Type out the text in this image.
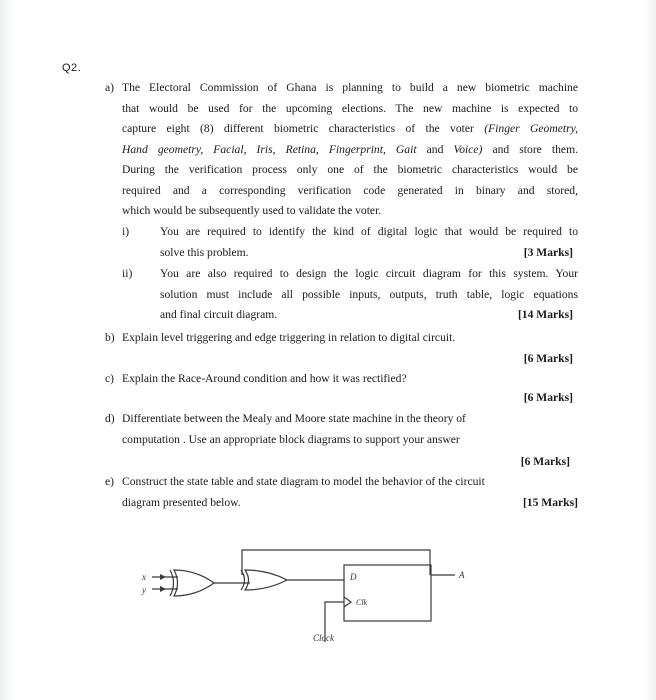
Q2.
a) The Electoral Commission of Ghana is planning to build a new biometric machine
that would be used for the upcoming elections. The new machine is expected to
capture eight (8) different biometric characteristics of the voter (Finger Geometry,
Hand geometry, Facial, Iris, Retina, Fingerprint, Gait and Voice) and store them.
During the verification process only one of the biometric characteristics would be
required and a corresponding verification code generated in binary and stored,
which would be subsequently used to validate the voter.
i)	You are required to identify the kind of digital logic that would be required to
solve this problem.	[3 Marks]
ii) You are also required to design the logic circuit diagram for this system. Your
solution must include all possible inputs, outputs, truth table, logic equations
and final circuit diagram.	[14 Marks]
b) Explain level triggering and edge triggering in relation to digital circuit.
[6 Marks]
c) Explain the Race-Around condition and how it was rectified?
[6 Marks]
d) Differentiate between the Mealy and Moore state machine in the theory of
computation . Use an appropriate block diagrams to support your answer
[6 Marks]
e) Construct the state table and state diagram to model the behavior of the circuit
diagram presented below.	[15 Marks]
x
y
D
Clk
A
Clock
